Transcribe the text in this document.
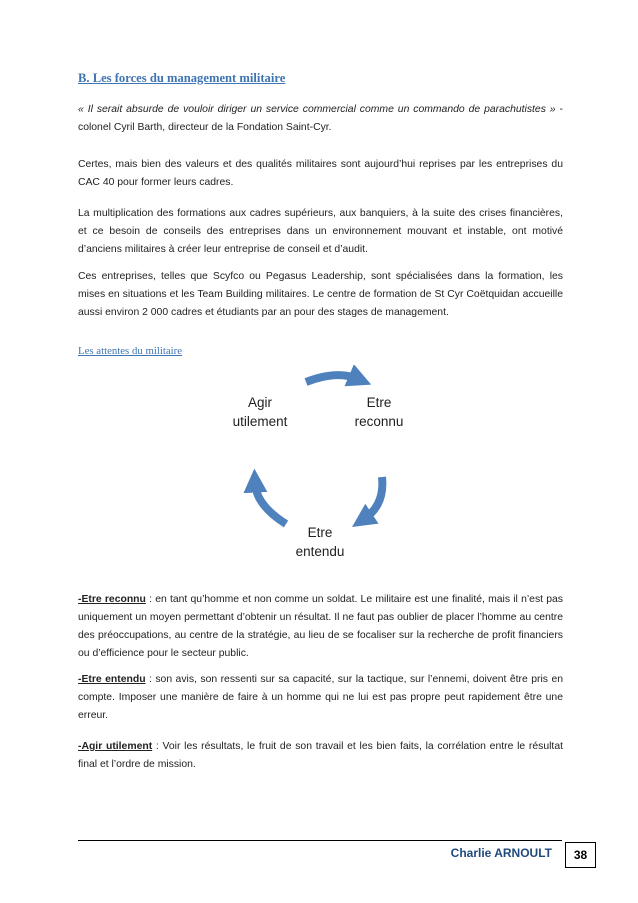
B. Les forces du management militaire
« Il serait absurde de vouloir diriger un service commercial comme un commando de parachutistes » - colonel Cyril Barth, directeur de la Fondation Saint-Cyr.
Certes, mais bien des valeurs et des qualités militaires sont aujourd’hui reprises par les entreprises du CAC 40 pour former leurs cadres.
La multiplication des formations aux cadres supérieurs, aux banquiers, à la suite des crises financières, et ce besoin de conseils des entreprises dans un environnement mouvant et instable, ont motivé d’anciens militaires à créer leur entreprise de conseil et d’audit.
Ces entreprises, telles que Scyfco ou Pegasus Leadership, sont spécialisées dans la formation, les mises en situations et les Team Building militaires. Le centre de formation de St Cyr Coëtquidan accueille aussi environ 2 000 cadres et étudiants par an pour des stages de management.
Les attentes du militaire
Etre
reconnu
Etre
entendu
Agir
utilement
-Etre reconnu : en tant qu’homme et non comme un soldat. Le militaire est une finalité, mais il n’est pas uniquement un moyen permettant d’obtenir un résultat. Il ne faut pas oublier de placer l’homme au centre des préoccupations, au centre de la stratégie, au lieu de se focaliser sur la recherche de profit financiers ou d’efficience pour le secteur public.
-Etre entendu : son avis, son ressenti sur sa capacité, sur la tactique, sur l’ennemi, doivent être pris en compte. Imposer une manière de faire à un homme qui ne lui est pas propre peut rapidement être une erreur.
-Agir utilement : Voir les résultats, le fruit de son travail et les bien faits, la corrélation entre le résultat final et l’ordre de mission.
Charlie ARNOULT	38
